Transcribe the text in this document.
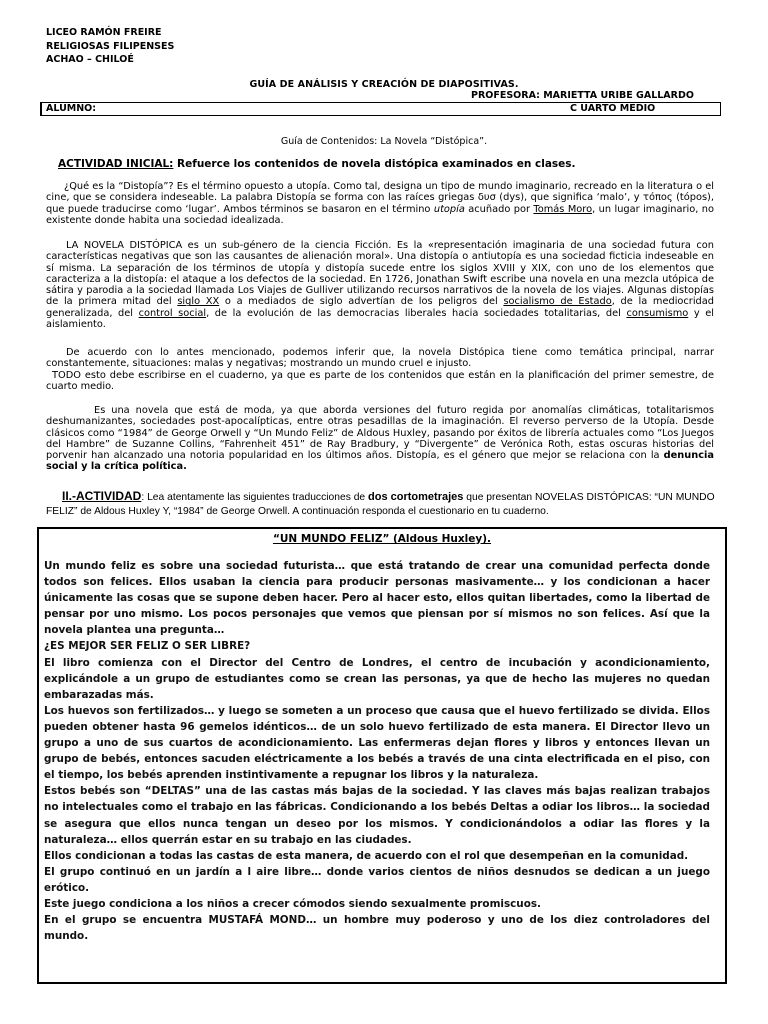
LICEO RAMÓN FREIRE
RELIGIOSAS FILIPENSES
ACHAO – CHILOÉ
GUÍA DE ANÁLISIS Y CREACIÓN DE DIAPOSITIVAS.
PROFESORA: MARIETTA URIBE GALLARDO
ALUMNO:	C UARTO MEDIO
Guía de Contenidos: La Novela “Distópica”.
ACTIVIDAD INICIAL: Refuerce los contenidos de novela distópica examinados en clases.

¿Qué es la “Distopía”? Es el término opuesto a utopía. Como tal, designa un tipo de mundo imaginario, recreado en la literatura o el cine, que se considera indeseable. La palabra Distopía se forma con las raíces griegas δυσ (dys), que significa ‘malo’, y τόπος (tópos), que puede traducirse como ‘lugar’. Ambos términos se basaron en el término utopía acuñado por Tomás Moro, un lugar imaginario, no existente donde habita una sociedad idealizada.

LA NOVELA DISTÓPICA es un sub-género de la ciencia Ficción. Es la «representación imaginaria de una sociedad futura con características negativas que son las causantes de alienación moral». Una distopía o antiutopía es una sociedad ficticia indeseable en sí misma. La separación de los términos de utopía y distopía sucede entre los siglos XVIII y XIX, con uno de los elementos que caracteriza a la distopía: el ataque a los defectos de la sociedad. En 1726, Jonathan Swift escribe una novela en una mezcla utópica de sátira y parodia a la sociedad llamada Los Viajes de Gulliver utilizando recursos narrativos de la novela de los viajes. Algunas distopías de la primera mitad del siglo XX o a mediados de siglo advertían de los peligros del socialismo de Estado, de la mediocridad generalizada, del control social, de la evolución de las democracias liberales hacia sociedades totalitarias, del consumismo y el aislamiento.

De acuerdo con lo antes mencionado, podemos inferir que, la novela Distópica tiene como temática principal, narrar constantemente, situaciones: malas y negativas; mostrando un mundo cruel e injusto.

TODO esto debe escribirse en el cuaderno, ya que es parte de los contenidos que están en la planificación del primer semestre, de cuarto medio.

Es una novela que está de moda, ya que aborda versiones del futuro regida por anomalías climáticas, totalitarismos deshumanizantes, sociedades post-apocalípticas, entre otras pesadillas de la imaginación. El reverso perverso de la Utopía. Desde clásicos como “1984” de George Orwell y “Un Mundo Feliz” de Aldous Huxley, pasando por éxitos de librería actuales como “Los Juegos del Hambre” de Suzanne Collins, “Fahrenheit 451” de Ray Bradbury, y “Divergente” de Verónica Roth, estas oscuras historias del porvenir han alcanzado una notoria popularidad en los últimos años. Distopía, es el género que mejor se relaciona con la denuncia social y la crítica política.

II.-ACTIVIDAD: Lea atentamente las siguientes traducciones de dos cortometrajes que presentan NOVELAS DISTÓPICAS: “UN MUNDO FELIZ” de Aldous Huxley Y, “1984” de George Orwell. A continuación responda el cuestionario en tu cuaderno.
“UN MUNDO FELIZ” (Aldous Huxley).

Un mundo feliz es sobre una sociedad futurista… que está tratando de crear una comunidad perfecta donde todos son felices. Ellos usaban la ciencia para producir personas masivamente… y los condicionan a hacer únicamente las cosas que se supone deben hacer. Pero al hacer esto, ellos quitan libertades, como la libertad de pensar por uno mismo. Los pocos personajes que vemos que piensan por sí mismos no son felices. Así que la novela plantea una pregunta…

¿ES MEJOR SER FELIZ O SER LIBRE?

El libro comienza con el Director del Centro de Londres, el centro de incubación y acondicionamiento, explicándole a un grupo de estudiantes como se crean las personas, ya que de hecho las mujeres no quedan embarazadas más.

Los huevos son fertilizados… y luego se someten a un proceso que causa que el huevo fertilizado se divida. Ellos pueden obtener hasta 96 gemelos idénticos… de un solo huevo fertilizado de esta manera. El Director llevo un grupo a uno de sus cuartos de acondicionamiento. Las enfermeras dejan flores y libros y entonces llevan un grupo de bebés, entonces sacuden eléctricamente a los bebés a través de una cinta electrificada en el piso, con el tiempo, los bebés aprenden instintivamente a repugnar los libros y la naturaleza.

Estos bebés son “DELTAS” una de las castas más bajas de la sociedad. Y las claves más bajas realizan trabajos no intelectuales como el trabajo en las fábricas. Condicionando a los bebés Deltas a odiar los libros… la sociedad se asegura que ellos nunca tengan un deseo por los mismos. Y condicionándolos a odiar las flores y la naturaleza… ellos querrán estar en su trabajo en las ciudades.

Ellos condicionan a todas las castas de esta manera, de acuerdo con el rol que desempeñan en la comunidad.

El grupo continuó en un jardín a l aire libre… donde varios cientos de niños desnudos se dedican a un juego erótico.

Este juego condiciona a los niños a crecer cómodos siendo sexualmente promiscuos.

En el grupo se encuentra MUSTAFÁ MOND… un hombre muy poderoso y uno de los diez controladores del mundo.
